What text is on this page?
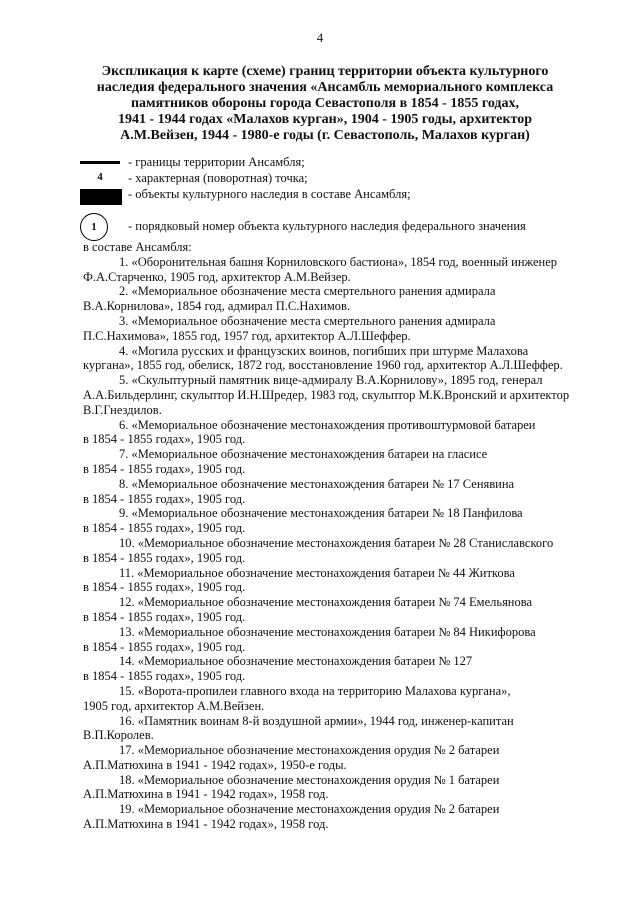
4
Экспликация к карте (схеме) границ территории объекта культурного
наследия федерального значения «Ансамбль мемориального комплекса
памятников обороны города Севастополя в 1854 - 1855 годах,
1941 - 1944 годах «Малахов курган», 1904 - 1905 годы, архитектор
А.М.Вейзен, 1944 - 1980-е годы (г. Севастополь, Малахов курган)
- границы территории Ансамбля;
4	- характерная (поворотная) точка;
- объекты культурного наследия в составе Ансамбля;
1	- порядковый номер объекта культурного наследия федерального значения

в составе Ансамбля:

1. «Оборонительная башня Корниловского бастиона», 1854 год, военный инженер

Ф.А.Старченко, 1905 год, архитектор А.М.Вейзер.

2. «Мемориальное обозначение места смертельного ранения адмирала

В.А.Корнилова», 1854 год, адмирал П.С.Нахимов.

3. «Мемориальное обозначение места смертельного ранения адмирала

П.С.Нахимова», 1855 год, 1957 год, архитектор А.Л.Шеффер.

4. «Могила русских и французских воинов, погибших при штурме Малахова

кургана», 1855 год, обелиск, 1872 год, восстановление 1960 год, архитектор А.Л.Шеффер.

5. «Скульптурный памятник вице-адмиралу В.А.Корнилову», 1895 год, генерал

А.А.Бильдерлинг, скульптор И.Н.Шредер, 1983 год, скульптор М.К.Вронский и архитектор

В.Г.Гнездилов.

6. «Мемориальное обозначение местонахождения противоштурмовой батареи

в 1854 - 1855 годах», 1905 год.

7. «Мемориальное обозначение местонахождения батареи на гласисе

в 1854 - 1855 годах», 1905 год.

8. «Мемориальное обозначение местонахождения батареи № 17 Сенявина

в 1854 - 1855 годах», 1905 год.

9. «Мемориальное обозначение местонахождения батареи № 18 Панфилова

в 1854 - 1855 годах», 1905 год.

10. «Мемориальное обозначение местонахождения батареи № 28 Станиславского

в 1854 - 1855 годах», 1905 год.

11. «Мемориальное обозначение местонахождения батареи № 44 Житкова

в 1854 - 1855 годах», 1905 год.

12. «Мемориальное обозначение местонахождения батареи № 74 Емельянова

в 1854 - 1855 годах», 1905 год.

13. «Мемориальное обозначение местонахождения батареи № 84 Никифорова

в 1854 - 1855 годах», 1905 год.

14. «Мемориальное обозначение местонахождения батареи № 127

в 1854 - 1855 годах», 1905 год.

15. «Ворота-пропилеи главного входа на территорию Малахова кургана»,

1905 год, архитектор А.М.Вейзен.

16. «Памятник воинам 8-й воздушной армии», 1944 год, инженер-капитан

В.П.Королев.

17. «Мемориальное обозначение местонахождения орудия № 2 батареи

А.П.Матюхина в 1941 - 1942 годах», 1950-е годы.

18. «Мемориальное обозначение местонахождения орудия № 1 батареи

А.П.Матюхина в 1941 - 1942 годах», 1958 год.

19. «Мемориальное обозначение местонахождения орудия № 2 батареи

А.П.Матюхина в 1941 - 1942 годах», 1958 год.
